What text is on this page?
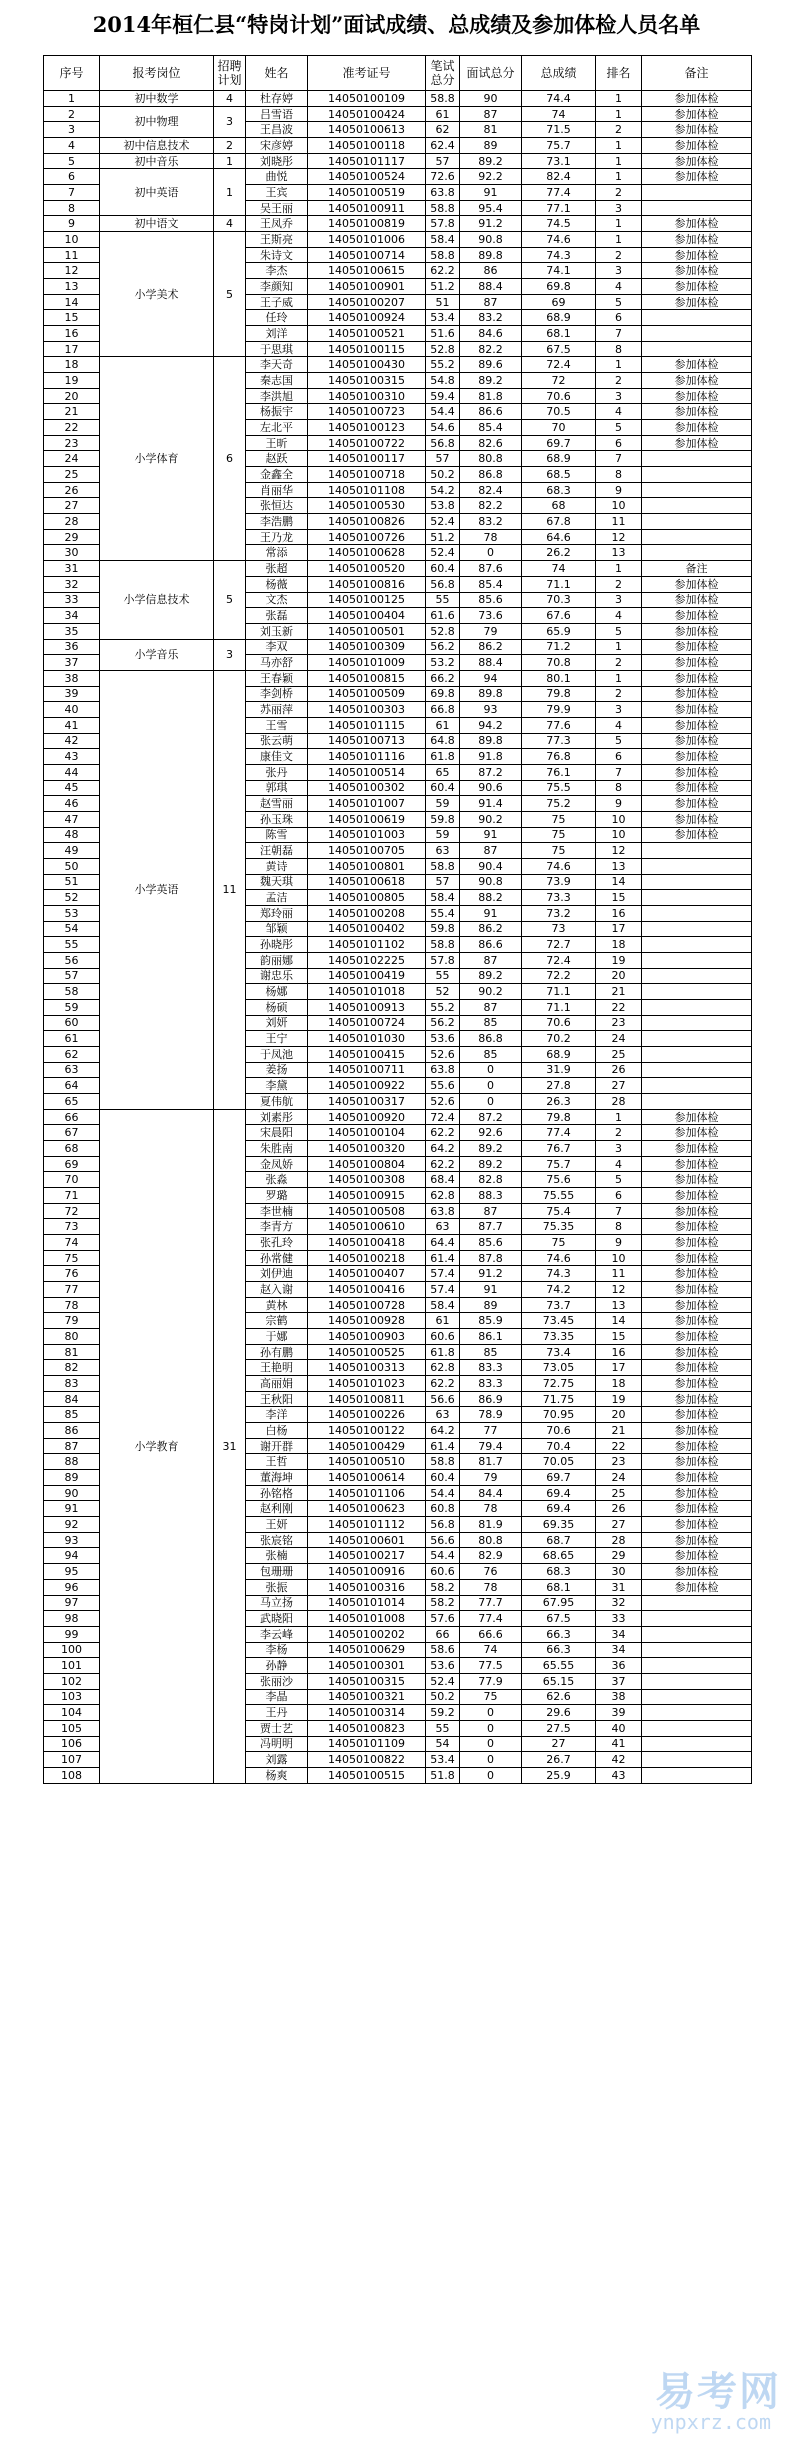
2014年桓仁县“特岗计划”面试成绩、总成绩及参加体检人员名单
序号	报考岗位	招聘计划	姓名	准考证号	笔试总分	面试总分	总成绩	排名	备注
1	初中数学	4	杜存婷	14050100109	58.8	90	74.4	1	参加体检
2	初中物理	3	吕雪语	14050100424	61	87	74	1	参加体检
3			王昌波	14050100613	62	81	71.5	2	参加体检
4	初中信息技术	2	宋彦婷	14050100118	62.4	89	75.7	1	参加体检
5	初中音乐	1	刘晓彤	14050101117	57	89.2	73.1	1	参加体检
6	初中英语	1	曲悦	14050100524	72.6	92.2	82.4	1	参加体检
7			王宾	14050100519	63.8	91	77.4	2	
8			吴王丽	14050100911	58.8	95.4	77.1	3	
9	初中语文	4	王凤乔	14050100819	57.8	91.2	74.5	1	参加体检
10	小学美术	5	王斯亮	14050101006	58.4	90.8	74.6	1	参加体检
11			朱诗文	14050100714	58.8	89.8	74.3	2	参加体检
12			李杰	14050100615	62.2	86	74.1	3	参加体检
13			李颜知	14050100901	51.2	88.4	69.8	4	参加体检
14			王子威	14050100207	51	87	69	5	参加体检
15			任玲	14050100924	53.4	83.2	68.9	6	
16			刘洋	14050100521	51.6	84.6	68.1	7	
17			于思琪	14050100115	52.8	82.2	67.5	8	
18	小学体育	6	李天奇	14050100430	55.2	89.6	72.4	1	参加体检
19			秦志国	14050100315	54.8	89.2	72	2	参加体检
20			李洪旭	14050100310	59.4	81.8	70.6	3	参加体检
21			杨振宇	14050100723	54.4	86.6	70.5	4	参加体检
22			左北平	14050100123	54.6	85.4	70	5	参加体检
23			王昕	14050100722	56.8	82.6	69.7	6	参加体检
24			赵跃	14050100117	57	80.8	68.9	7	
25			金鑫全	14050100718	50.2	86.8	68.5	8	
26			肖丽华	14050101108	54.2	82.4	68.3	9	
27			张恒达	14050100530	53.8	82.2	68	10	
28			李浩鹏	14050100826	52.4	83.2	67.8	11	
29			王乃龙	14050100726	51.2	78	64.6	12	
30			常添	14050100628	52.4	0	26.2	13	
31	小学信息技术	5	张超	14050100520	60.4	87.6	74	1	备注
32			杨薇	14050100816	56.8	85.4	71.1	2	参加体检
33			文杰	14050100125	55	85.6	70.3	3	参加体检
34			张磊	14050100404	61.6	73.6	67.6	4	参加体检
35			刘玉新	14050100501	52.8	79	65.9	5	参加体检
36	小学音乐	3	李双	14050100309	56.2	86.2	71.2	1	参加体检
37			马亦舒	14050101009	53.2	88.4	70.8	2	参加体检
38	小学英语	11	王春颖	14050100815	66.2	94	80.1	1	参加体检
39			李剑桥	14050100509	69.8	89.8	79.8	2	参加体检
40			苏丽萍	14050100303	66.8	93	79.9	3	参加体检
41			王雪	14050101115	61	94.2	77.6	4	参加体检
42			张云萌	14050100713	64.8	89.8	77.3	5	参加体检
43			康佳文	14050101116	61.8	91.8	76.8	6	参加体检
44			张丹	14050100514	65	87.2	76.1	7	参加体检
45			郭琪	14050100302	60.4	90.6	75.5	8	参加体检
46			赵雪丽	14050101007	59	91.4	75.2	9	参加体检
47			孙玉珠	14050100619	59.8	90.2	75	10	参加体检
48			陈雪	14050101003	59	91	75	10	参加体检
49			汪朝磊	14050100705	63	87	75	12	
50			黄诗	14050100801	58.8	90.4	74.6	13	
51			魏天琪	14050100618	57	90.8	73.9	14	
52			孟洁	14050100805	58.4	88.2	73.3	15	
53			郑玲丽	14050100208	55.4	91	73.2	16	
54			邹颖	14050100402	59.8	86.2	73	17	
55			孙晓彤	14050101102	58.8	86.6	72.7	18	
56			韵丽娜	14050102225	57.8	87	72.4	19	
57			谢忠乐	14050100419	55	89.2	72.2	20	
58			杨娜	14050101018	52	90.2	71.1	21	
59			杨硕	14050100913	55.2	87	71.1	22	
60			刘妍	14050100724	56.2	85	70.6	23	
61			王宁	14050101030	53.6	86.8	70.2	24	
62			于凤池	14050100415	52.6	85	68.9	25	
63			姜扬	14050100711	63.8	0	31.9	26	
64			李黛	14050100922	55.6	0	27.8	27	
65			夏伟航	14050100317	52.6	0	26.3	28	
66	小学教育	31	刘素彤	14050100920	72.4	87.2	79.8	1	参加体检
67			宋晨阳	14050100104	62.2	92.6	77.4	2	参加体检
68			朱胜南	14050100320	64.2	89.2	76.7	3	参加体检
69			金凤娇	14050100804	62.2	89.2	75.7	4	参加体检
70			张淼	14050100308	68.4	82.8	75.6	5	参加体检
71			罗璐	14050100915	62.8	88.3	75.55	6	参加体检
72			李世楠	14050100508	63.8	87	75.4	7	参加体检
73			李青方	14050100610	63	87.7	75.35	8	参加体检
74			张孔玲	14050100418	64.4	85.6	75	9	参加体检
75			孙常健	14050100218	61.4	87.8	74.6	10	参加体检
76			刘伊迪	14050100407	57.4	91.2	74.3	11	参加体检
77			赵入谢	14050100416	57.4	91	74.2	12	参加体检
78			黄林	14050100728	58.4	89	73.7	13	参加体检
79			宗鹤	14050100928	61	85.9	73.45	14	参加体检
80			于娜	14050100903	60.6	86.1	73.35	15	参加体检
81			孙有鹏	14050100525	61.8	85	73.4	16	参加体检
82			王艳明	14050100313	62.8	83.3	73.05	17	参加体检
83			高丽娟	14050101023	62.2	83.3	72.75	18	参加体检
84			王秋阳	14050100811	56.6	86.9	71.75	19	参加体检
85			李洋	14050100226	63	78.9	70.95	20	参加体检
86			白杨	14050100122	64.2	77	70.6	21	参加体检
87			谢开群	14050100429	61.4	79.4	70.4	22	参加体检
88			王哲	14050100510	58.8	81.7	70.05	23	参加体检
89			董海坤	14050100614	60.4	79	69.7	24	参加体检
90			孙铭格	14050101106	54.4	84.4	69.4	25	参加体检
91			赵利刚	14050100623	60.8	78	69.4	26	参加体检
92			王妍	14050101112	56.8	81.9	69.35	27	参加体检
93			张宸铭	14050100601	56.6	80.8	68.7	28	参加体检
94			张楠	14050100217	54.4	82.9	68.65	29	参加体检
95			包珊珊	14050100916	60.6	76	68.3	30	参加体检
96			张振	14050100316	58.2	78	68.1	31	参加体检
97			马立扬	14050101014	58.2	77.7	67.95	32	
98			武晓阳	14050101008	57.6	77.4	67.5	33	
99			李云峰	14050100202	66	66.6	66.3	34	
100			李杨	14050100629	58.6	74	66.3	34	
101			孙静	14050100301	53.6	77.5	65.55	36	
102			张丽沙	14050100315	52.4	77.9	65.15	37	
103			李晶	14050100321	50.2	75	62.6	38	
104			王丹	14050100314	59.2	0	29.6	39	
105			贾士艺	14050100823	55	0	27.5	40	
106			冯明明	14050101109	54	0	27	41	
107			刘露	14050100822	53.4	0	26.7	42	
108			杨爽	14050100515	51.8	0	25.9	43	
易考网
ynpxrz.com
